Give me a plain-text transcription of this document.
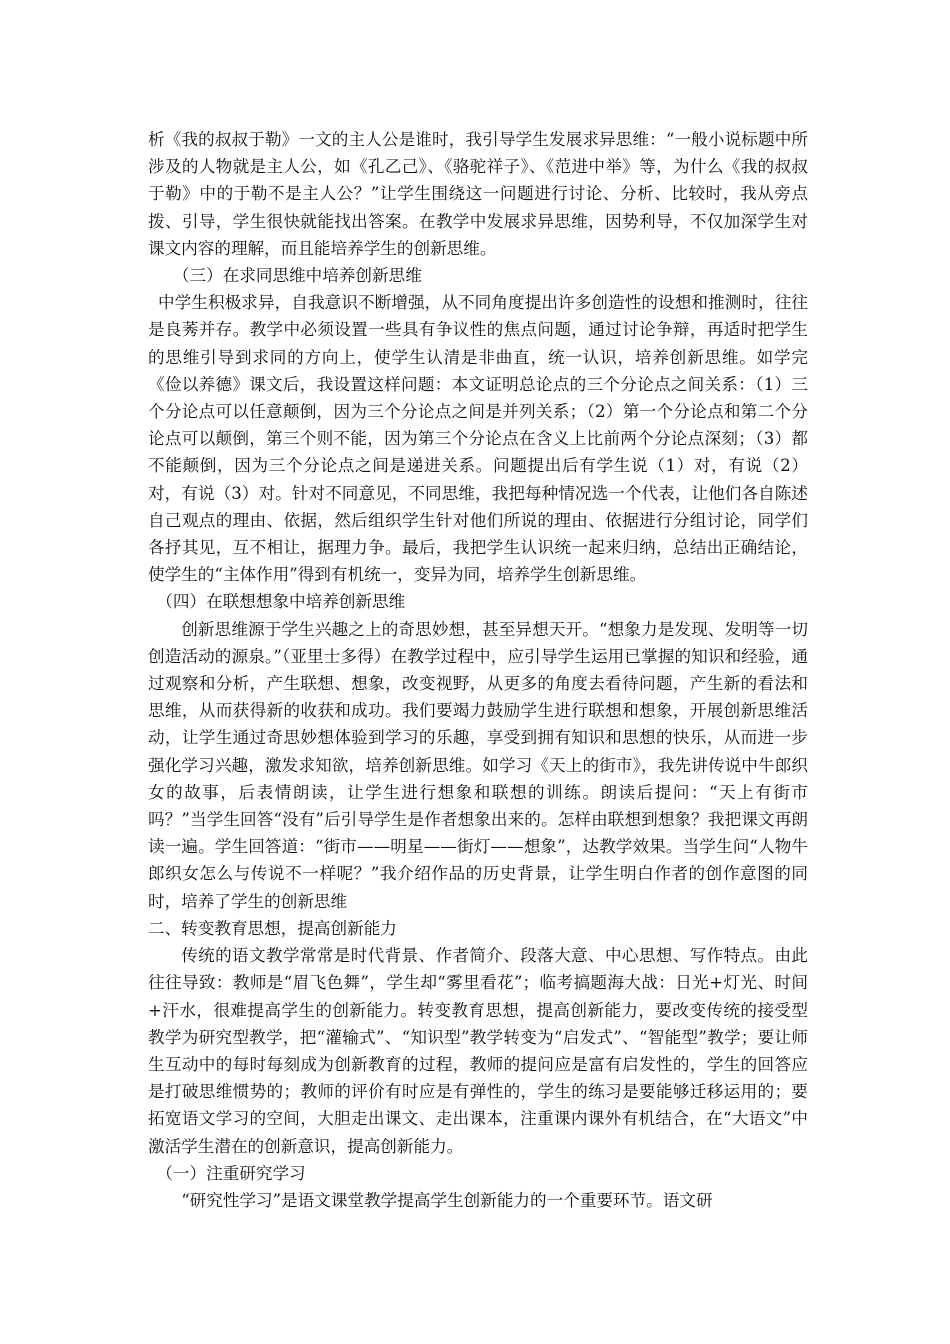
析《我的叔叔于勒》一文的主人公是谁时，我引导学生发展求异思维：“一般小说标题中所涉及的人物就是主人公，如《孔乙己》、《骆驼祥子》、《范进中举》等，为什么《我的叔叔于勒》中的于勒不是主人公？”让学生围绕这一问题进行讨论、分析、比较时，我从旁点拨、引导，学生很快就能找出答案。在教学中发展求异思维，因势利导，不仅加深学生对课文内容的理解，而且能培养学生的创新思维。

（三）在求同思维中培养创新思维

中学生积极求异，自我意识不断增强，从不同角度提出许多创造性的设想和推测时，往往是良莠并存。教学中必须设置一些具有争议性的焦点问题，通过讨论争辩，再适时把学生的思维引导到求同的方向上，使学生认清是非曲直，统一认识，培养创新思维。如学完《俭以养德》课文后，我设置这样问题：本文证明总论点的三个分论点之间关系：（1）三个分论点可以任意颠倒，因为三个分论点之间是并列关系；（2）第一个分论点和第二个分论点可以颠倒，第三个则不能，因为第三个分论点在含义上比前两个分论点深刻；（3）都不能颠倒，因为三个分论点之间是递进关系。问题提出后有学生说（1）对，有说（2）对，有说（3）对。针对不同意见，不同思维，我把每种情况选一个代表，让他们各自陈述自己观点的理由、依据，然后组织学生针对他们所说的理由、依据进行分组讨论，同学们各抒其见，互不相让，据理力争。最后，我把学生认识统一起来归纳，总结出正确结论，使学生的“主体作用”得到有机统一，变异为同，培养学生创新思维。

（四）在联想想象中培养创新思维

创新思维源于学生兴趣之上的奇思妙想，甚至异想天开。“想象力是发现、发明等一切创造活动的源泉。”（亚里士多得）在教学过程中，应引导学生运用已掌握的知识和经验，通过观察和分析，产生联想、想象，改变视野，从更多的角度去看待问题，产生新的看法和思维，从而获得新的收获和成功。我们要竭力鼓励学生进行联想和想象，开展创新思维活动，让学生通过奇思妙想体验到学习的乐趣，享受到拥有知识和思想的快乐，从而进一步强化学习兴趣，激发求知欲，培养创新思维。如学习《天上的街市》，我先讲传说中牛郎织女的故事，后表情朗读，让学生进行想象和联想的训练。朗读后提问：“天上有街市吗？”当学生回答“没有”后引导学生是作者想象出来的。怎样由联想到想象？我把课文再朗读一遍。学生回答道：“街市——明星——街灯——想象”，达教学效果。当学生问“人物牛郎织女怎么与传说不一样呢？”我介绍作品的历史背景，让学生明白作者的创作意图的同时，培养了学生的创新思维

二、转变教育思想，提高创新能力

传统的语文教学常常是时代背景、作者简介、段落大意、中心思想、写作特点。由此往往导致：教师是“眉飞色舞”，学生却“雾里看花”；临考搞题海大战：日光+灯光、时间+汗水，很难提高学生的创新能力。转变教育思想，提高创新能力，要改变传统的接受型教学为研究型教学，把“灌输式”、“知识型”教学转变为“启发式”、“智能型”教学；要让师生互动中的每时每刻成为创新教育的过程，教师的提问应是富有启发性的，学生的回答应是打破思维惯势的；教师的评价有时应是有弹性的，学生的练习是要能够迁移运用的；要拓宽语文学习的空间，大胆走出课文、走出课本，注重课内课外有机结合，在“大语文”中激活学生潜在的创新意识，提高创新能力。

（一）注重研究学习

“研究性学习”是语文课堂教学提高学生创新能力的一个重要环节。语文研
